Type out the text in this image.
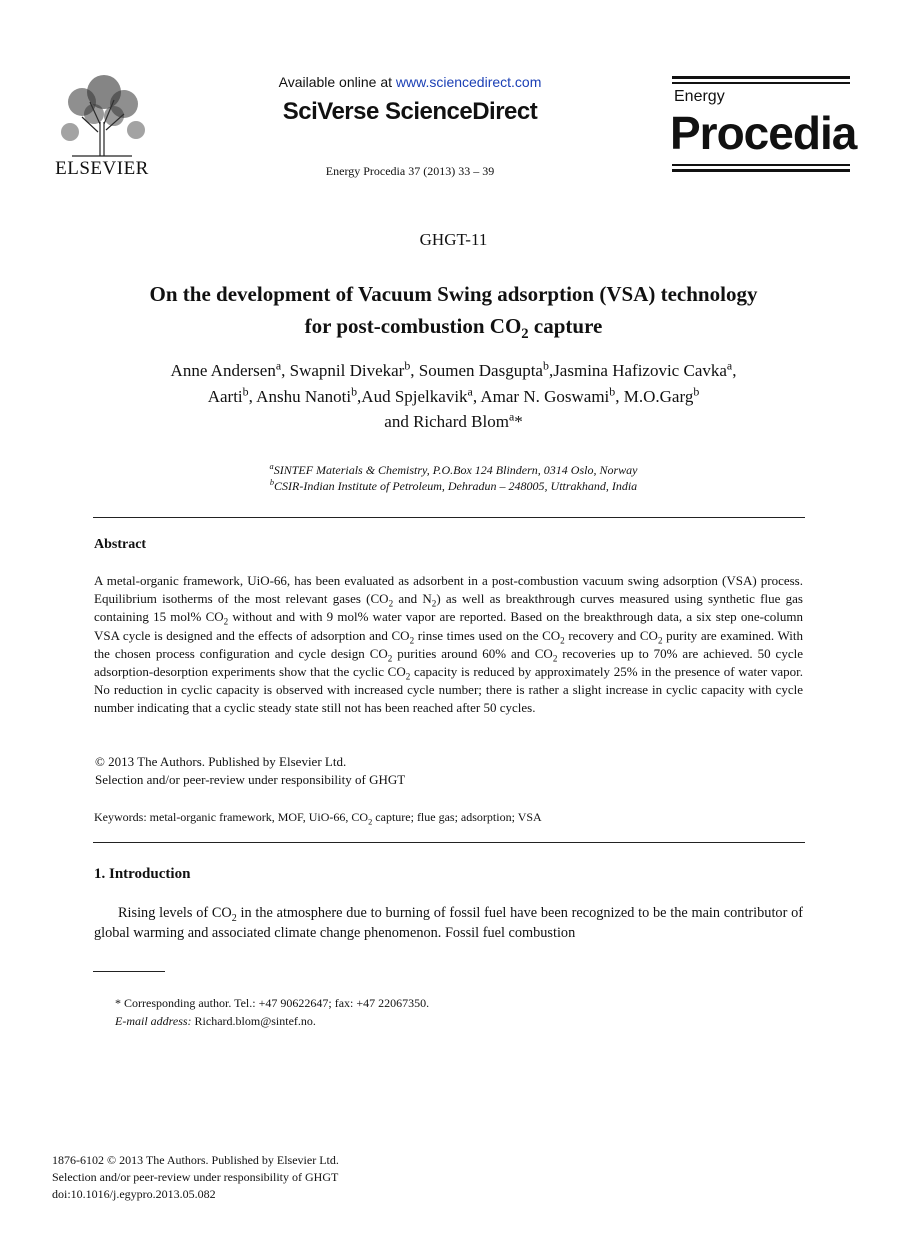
ELSEVIER
Available online at www.sciencedirect.com
SciVerse ScienceDirect
Energy Procedia 37 (2013) 33 – 39
Energy
Procedia
GHGT-11
On the development of Vacuum Swing adsorption (VSA) technology
for post-combustion $CO_2$ capture
Anne Andersen$^a$, Swapnil Divekar$^b$, Soumen Dasgupta$^b$,Jasmina Hafizovic Cavka$^a$,
Aarti$^b$, Anshu Nanoti$^b$,Aud Spjelkavik$^a$, Amar N. Goswami$^b$, M.O.Garg$^b$
and Richard Blom$^a$*
$^a$SINTEF Materials & Chemistry, P.O.Box 124 Blindern, 0314 Oslo, Norway
$^b$CSIR-Indian Institute of Petroleum, Dehradun – 248005, Uttrakhand, India
Abstract
A metal-organic framework, UiO-66, has been evaluated as adsorbent in a post-combustion vacuum swing adsorption (VSA) process. Equilibrium isotherms of the most relevant gases ($CO_2$ and $N_2$) as well as breakthrough curves measured using synthetic flue gas containing 15 mol% $CO_2$ without and with 9 mol% water vapor are reported. Based on the breakthrough data, a six step one-column VSA cycle is designed and the effects of adsorption and $CO_2$ rinse times used on the $CO_2$ recovery and $CO_2$ purity are examined. With the chosen process configuration and cycle design $CO_2$ purities around 60% and $CO_2$ recoveries up to 70% are achieved. 50 cycle adsorption-desorption experiments show that the cyclic $CO_2$ capacity is reduced by approximately 25% in the presence of water vapor. No reduction in cyclic capacity is observed with increased cycle number; there is rather a slight increase in cyclic capacity with cycle number indicating that a cyclic steady state still not has been reached after 50 cycles.
© 2013 The Authors. Published by Elsevier Ltd.
Selection and/or peer-review under responsibility of GHGT
Keywords: metal-organic framework, MOF, UiO-66, $CO_2$ capture; flue gas; adsorption; VSA
1. Introduction
Rising levels of $CO_2$ in the atmosphere due to burning of fossil fuel have been recognized to be the main contributor of global warming and associated climate change phenomenon. Fossil fuel combustion
* Corresponding author. Tel.: +47 90622647; fax: +47 22067350.
E-mail address: Richard.blom@sintef.no.
1876-6102 © 2013 The Authors. Published by Elsevier Ltd.
Selection and/or peer-review under responsibility of GHGT
doi:10.1016/j.egypro.2013.05.082
